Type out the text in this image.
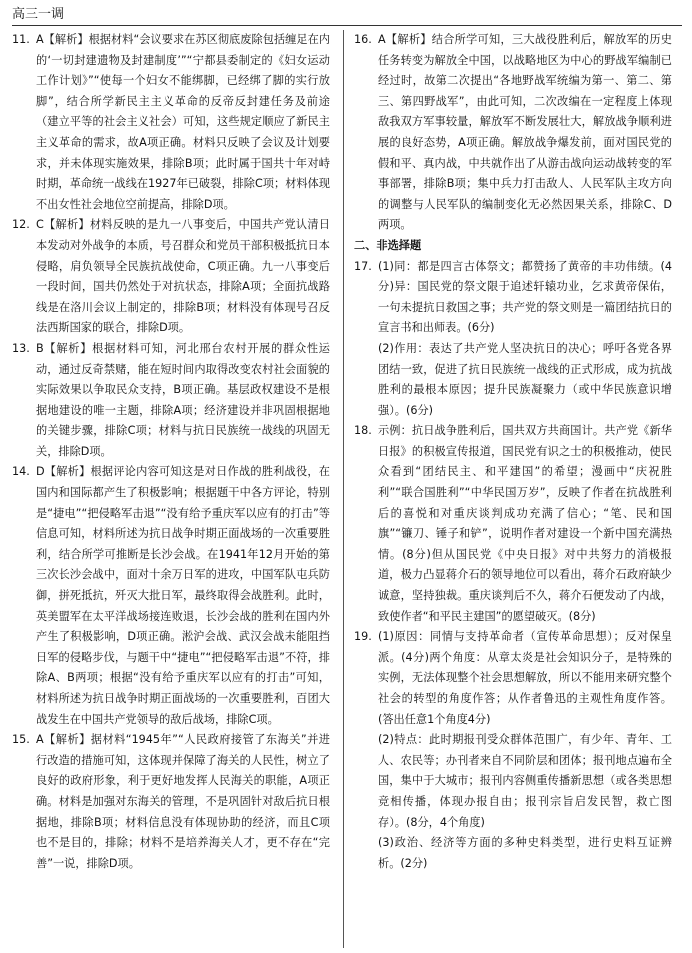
高三一调
11. A【解析】根据材料“会议要求在苏区彻底废除包括缠足在内的‘一切封建遗物及封建制度’”“宁都县委制定的《妇女运动工作计划》”“使每一个妇女不能绑脚，已经绑了脚的实行放脚”，结合所学新民主主义革命的反帝反封建任务及前途（建立平等的社会主义社会）可知，这些规定顺应了新民主主义革命的需求，故A项正确。材料只反映了会议及计划要求，并未体现实施效果，排除B项；此时属于国共十年对峙时期，革命统一战线在1927年已破裂，排除C项；材料体现不出女性社会地位空前提高，排除D项。
12. C【解析】材料反映的是九一八事变后，中国共产党认清日本发动对外战争的本质，号召群众和党员干部积极抵抗日本侵略，肩负领导全民族抗战使命，C项正确。九一八事变后一段时间，国共仍然处于对抗状态，排除A项；全面抗战路线是在洛川会议上制定的，排除B项；材料没有体现号召反法西斯国家的联合，排除D项。
13. B【解析】根据材料可知，河北邢台农村开展的群众性运动，通过反奇禁赌，能在短时间内取得改变农村社会面貌的实际效果以争取民众支持，B项正确。基层政权建设不是根据地建设的唯一主题，排除A项；经济建设并非巩固根据地的关键步骤，排除C项；材料与抗日民族统一战线的巩固无关，排除D项。
14. D【解析】根据评论内容可知这是对日作战的胜利战役，在国内和国际都产生了积极影响；根据题干中各方评论，特别是“捷电”“把侵略军击退”“没有给予重庆军以应有的打击”等信息可知，材料所述为抗日战争时期正面战场的一次重要胜利，结合所学可推断是长沙会战。在1941年12月开始的第三次长沙会战中，面对十余万日军的进攻，中国军队屯兵防御，拼死抵抗，歼灭大批日军，最终取得会战胜利。此时，英美盟军在太平洋战场接连败退，长沙会战的胜利在国内外产生了积极影响，D项正确。淞沪会战、武汉会战未能阻挡日军的侵略步伐，与题干中“捷电”“把侵略军击退”不符，排除A、B两项；根据“没有给予重庆军以应有的打击”可知，材料所述为抗日战争时期正面战场的一次重要胜利，百团大战发生在中国共产党领导的敌后战场，排除C项。
15. A【解析】据材料“1945年”“人民政府接管了东海关”并进行改造的措施可知，这体现并保障了海关的人民性，树立了良好的政府形象，利于更好地发挥人民海关的职能，A项正确。材料是加强对东海关的管理，不是巩固针对敌后抗日根据地，排除B项；材料信息没有体现协助的经济，而且C项也不是目的，排除；材料不是培养海关人才，更不存在“完善”一说，排除D项。
16. A【解析】结合所学可知，三大战役胜利后，解放军的历史任务转变为解放全中国，以战略地区为中心的野战军编制已经过时，故第二次提出“各地野战军统编为第一、第二、第三、第四野战军”，由此可知，二次改编在一定程度上体现敌我双方军事较量，解放军不断发展壮大，解放战争顺利进展的良好态势，A项正确。解放战争爆发前，面对国民党的假和平、真内战，中共就作出了从游击战向运动战转变的军事部署，排除B项；集中兵力打击敌人、人民军队主攻方向的调整与人民军队的编制变化无必然因果关系，排除C、D两项。
二、非选择题
17. (1)同：都是四言古体祭文；都赞扬了黄帝的丰功伟绩。(4分)异：国民党的祭文限于追述轩辕功业，乞求黄帝保佑，一句未提抗日救国之事；共产党的祭文则是一篇团结抗日的宣言书和出师表。(6分)
(2)作用：表达了共产党人坚决抗日的决心；呼吁各党各界团结一致，促进了抗日民族统一战线的正式形成，成为抗战胜利的最根本原因；提升民族凝聚力（或中华民族意识增强）。(6分)
18. 示例：抗日战争胜利后，国共双方共商国计。共产党《新华日报》的积极宣传报道，国民党有识之士的积极推动，使民众看到“团结民主、和平建国”的希望；漫画中“庆祝胜利”“联合国胜利”“中华民国万岁”，反映了作者在抗战胜利后的喜悦和对重庆谈判成功充满了信心；“笔、民和国旗”“镰刀、锤子和铲”，说明作者对建设一个新中国充满热情。(8分)但从国民党《中央日报》对中共努力的消极报道，极力凸显蒋介石的领导地位可以看出，蒋介石政府缺少诚意，坚持独裁。重庆谈判后不久，蒋介石便发动了内战，致使作者“和平民主建国”的愿望破灭。(8分)
19. (1)原因：同情与支持革命者（宣传革命思想）；反对保皇派。(4分)两个角度：从章太炎是社会知识分子，是特殊的实例，无法体现整个社会思想解放，所以不能用来研究整个社会的转型的角度作答；从作者鲁迅的主观性角度作答。(答出任意1个角度4分)
(2)特点：此时期报刊受众群体范围广，有少年、青年、工人、农民等；办刊者来自不同阶层和团体；报刊地点遍布全国，集中于大城市；报刊内容侧重传播新思想（或各类思想竞相传播，体现办报自由；报刊宗旨启发民智，救亡图存）。(8分，4个角度)
(3)政治、经济等方面的多种史料类型，进行史料互证辨析。(2分)
